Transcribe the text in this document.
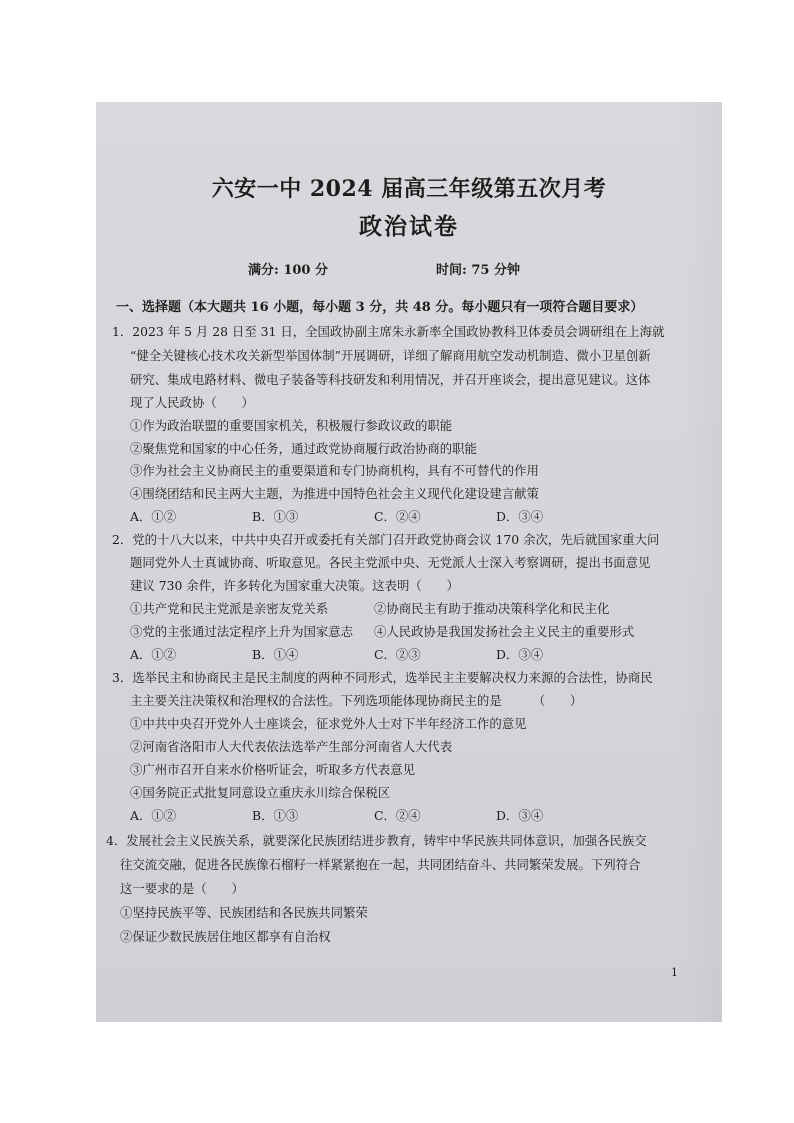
六安一中 2024 届高三年级第五次月考
政治试卷
满分: 100 分	时间: 75 分钟
一、选择题（本大题共 16 小题，每小题 3 分，共 48 分。每小题只有一项符合题目要求）
1．2023 年 5 月 28 日至 31 日，全国政协副主席朱永新率全国政协教科卫体委员会调研组在上海就
“健全关键核心技术攻关新型举国体制”开展调研，详细了解商用航空发动机制造、微小卫星创新
研究、集成电路材料、微电子装备等科技研发和利用情况，并召开座谈会，提出意见建议。这体
现了人民政协（　　）
①作为政治联盟的重要国家机关，积极履行参政议政的职能
②聚焦党和国家的中心任务，通过政党协商履行政治协商的职能
③作为社会主义协商民主的重要渠道和专门协商机构，具有不可替代的作用
④围绕团结和民主两大主题，为推进中国特色社会主义现代化建设建言献策
A．①②	B．①③	C．②④	D．③④
2．党的十八大以来，中共中央召开或委托有关部门召开政党协商会议 170 余次，先后就国家重大问
题同党外人士真诚协商、听取意见。各民主党派中央、无党派人士深入考察调研，提出书面意见
建议 730 余件，许多转化为国家重大决策。这表明（　　）
①共产党和民主党派是亲密友党关系	②协商民主有助于推动决策科学化和民主化
③党的主张通过法定程序上升为国家意志 ④人民政协是我国发扬社会主义民主的重要形式
A．①②	B．①④	C．②③	D．③④
3．选举民主和协商民主是民主制度的两种不同形式，选举民主主要解决权力来源的合法性，协商民
主主要关注决策权和治理权的合法性。下列选项能体现协商民主的是　　　（　　）
①中共中央召开党外人士座谈会，征求党外人士对下半年经济工作的意见
②河南省洛阳市人大代表依法选举产生部分河南省人大代表
③广州市召开自来水价格听证会，听取多方代表意见
④国务院正式批复同意设立重庆永川综合保税区
A．①②	B．①③	C．②④	D．③④
4．发展社会主义民族关系，就要深化民族团结进步教育，铸牢中华民族共同体意识，加强各民族交
往交流交融，促进各民族像石榴籽一样紧紧抱在一起，共同团结奋斗、共同繁荣发展。下列符合
这一要求的是（　　）
①坚持民族平等、民族团结和各民族共同繁荣
②保证少数民族居住地区都享有自治权
1
